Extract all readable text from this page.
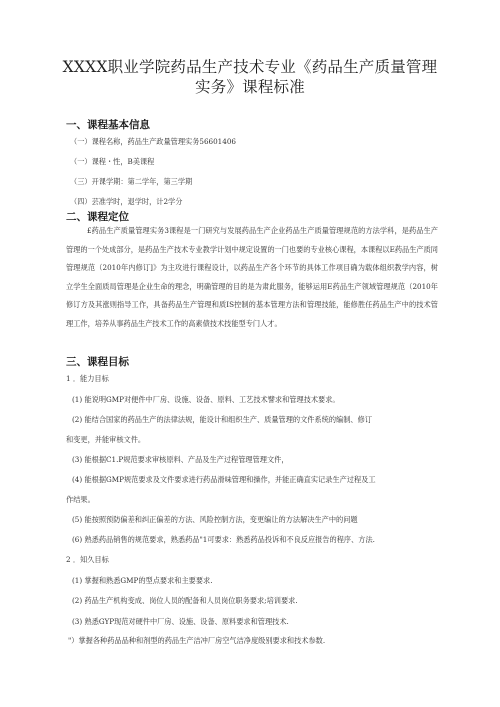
XXXX职业学院药品生产技术专业《药品生产质量管理
实务》课程标准
一、课程基本信息
（一）课程名称，药品生产政量管理实务56601406
（一）课程・性，B美课程
（三）开课学期：第二学年，第三学期
（四）芸准学时，退学时，计2学分
二、课程定位
£药品生产质量管理实务3课程是一门研究与发展药品生产企业药品生产质量管理规范的方法学科，是药品生产管理的一个处成部分，是药品生产技术专业教学计划中规定设置的一门也要的专业核心课程，本课程以E药品生产质同管理规范（2010年内修订]》为主攻进行课程设计，以药品生产各个环节的具体工作项目确为载体组织教学内容，树立学生全面质局管理是企业生命的理念，明确管理的目的是为肃此服务，能够运用E药品生产领域管理规范（2010年修订方及其涨则指导工作，具备药品生产管理和质IS控制的基本管理方法和管理技能，能修胜任药品生产中的技术管理工作，培养从事药品生产技术工作的高素债技术技能型专门人才。
三、课程目标
1 ．能力目标
(1) 能说明GMP对便件中厂房、设施、设备、原料、工艺技术譬求和管理技术要求。
(2) 能结合国家的药品生产的法律法规，能设计和组织生产、质量管理的文件系统的编制、修订
和变更，并能审核文件。
(3) 能根据C1.P规范要求审核原料、产品及生产过程管理管理文件，
(4) 能根据GMP规范要求及文件要求进行药品滑味管理和操作，并能正确直实记录生产过程及工
作结果。
(5) 能按照预防偏差和纠正偏差的方法、风险控制方法，变更编让的方法解决生产中的问题
(6) 熟悉药品销售的规范要求，熟悉药品"1可要求：熟悉药品投诉和不良反应报告的程序、方法.
2 ．知久目标
(1) 掌握和熟悉GMP的型点要求和主要要求.
(2) 药品生产机构变成、岗位人员的配备和人员岗位职务要求;培训要求.
(3) 熟悉GYP现范对硬件中厂房、设施、设备、原料要求和管理技术.
"）掌握各种药品品种和剂型的药品生产洁冲厂房空气洁净度级别要求和技术参数.
